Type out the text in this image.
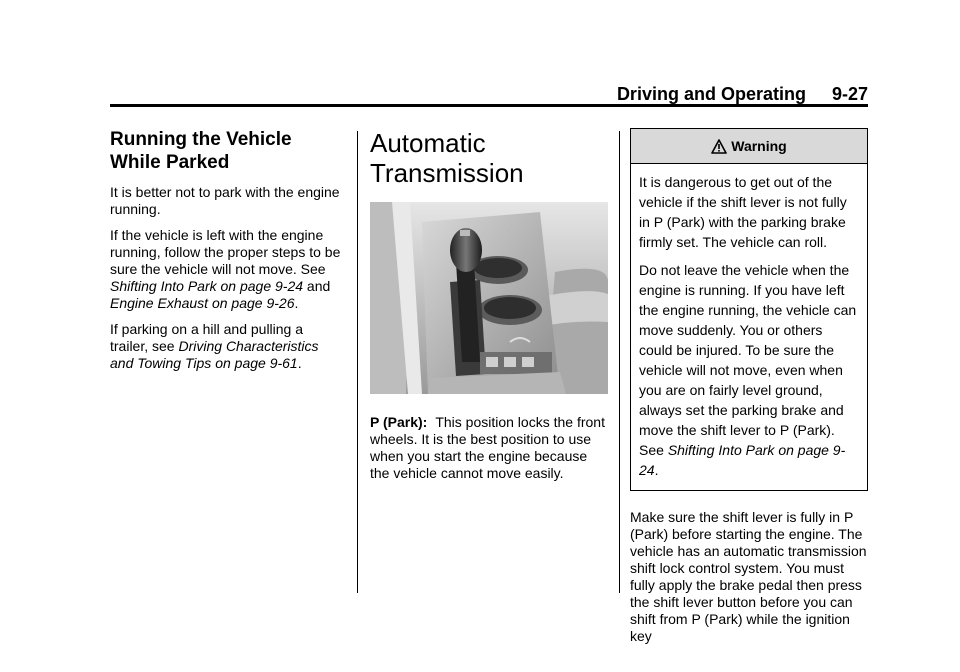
Driving and Operating 9-27
Running the Vehicle While Parked

It is better not to park with the engine running.

If the vehicle is left with the engine running, follow the proper steps to be sure the vehicle will not move. See Shifting Into Park on page 9-24 and Engine Exhaust on page 9-26.

If parking on a hill and pulling a trailer, see Driving Characteristics and Towing Tips on page 9-61.

Automatic Transmission

P (Park): This position locks the front wheels. It is the best position to use when you start the engine because the vehicle cannot move easily.

Warning

It is dangerous to get out of the vehicle if the shift lever is not fully in P (Park) with the parking brake firmly set. The vehicle can roll.

Do not leave the vehicle when the engine is running. If you have left the engine running, the vehicle can move suddenly. You or others could be injured. To be sure the vehicle will not move, even when you are on fairly level ground, always set the parking brake and move the shift lever to P (Park). See Shifting Into Park on page 9-24.

Make sure the shift lever is fully in P (Park) before starting the engine. The vehicle has an automatic transmission shift lock control system. You must fully apply the brake pedal then press the shift lever button before you can shift from P (Park) while the ignition key
